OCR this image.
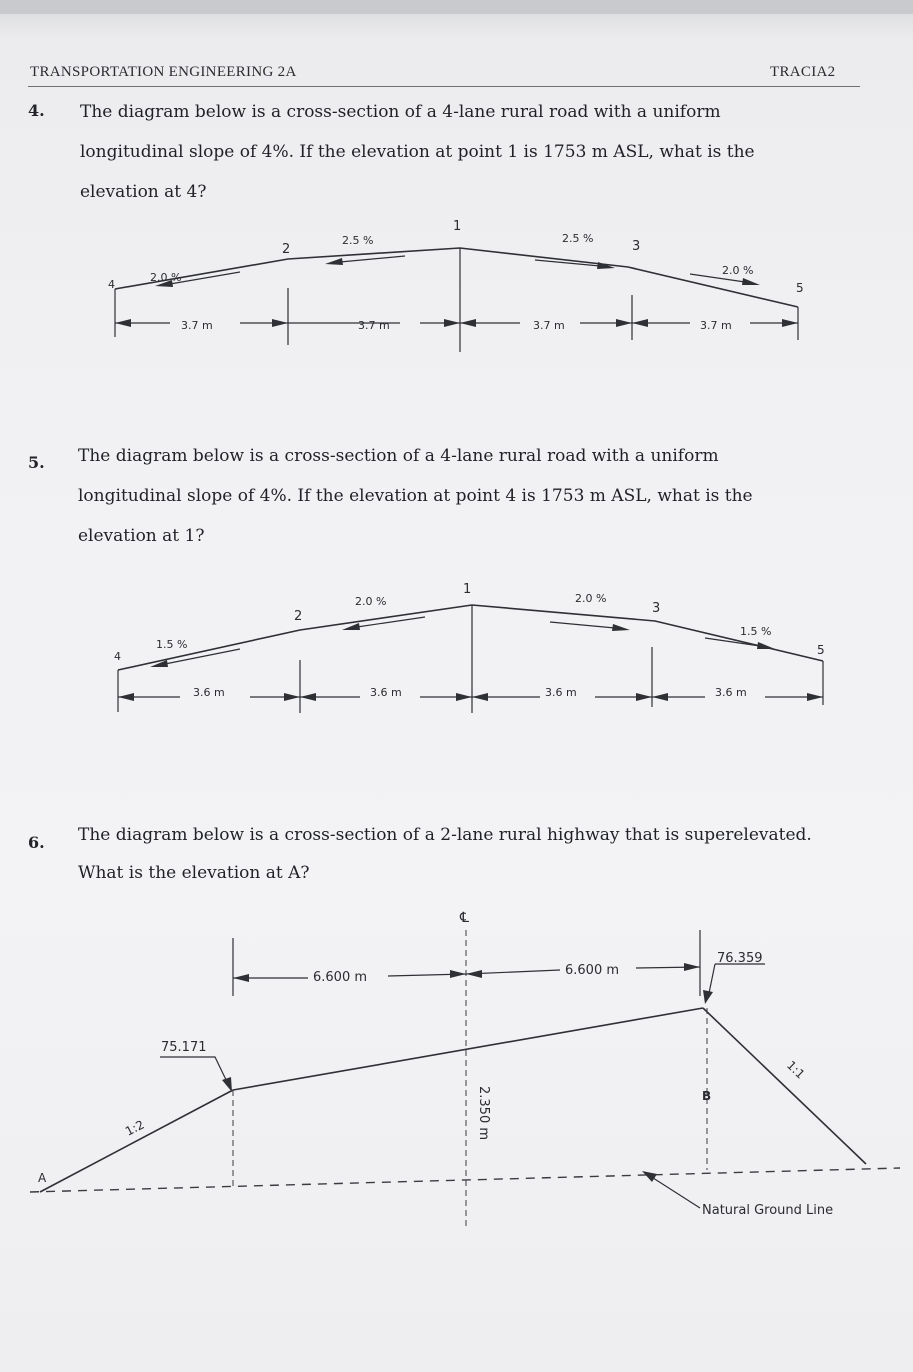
TRANSPORTATION ENGINEERING 2A	TRACIA2
4. The diagram below is a cross-section of a 4-lane rural road with a uniform
longitudinal slope of 4%. If the elevation at point 1 is 1753 m ASL, what is the
elevation at 4?
4
2
1
3
5
2.0 %
2.5 %	2.5 %
2.0 %
3.7 m	3.7 m	3.7 m	3.7 m
5. The diagram below is a cross-section of a 4-lane rural road with a uniform
longitudinal slope of 4%. If the elevation at point 4 is 1753 m ASL, what is the
elevation at 1?
4
2
1
3
5
1.5 %
2.0 %	2.0 %
1.5 %
3.6 m	3.6 m	3.6 m	3.6 m
6. The diagram below is a cross-section of a 2-lane rural highway that is superelevated.
What is the elevation at A?
℄
6.600 m	6.600 m
76.359
75.171
1:2
1:1
2.350 m
A
B
Natural Ground Line
